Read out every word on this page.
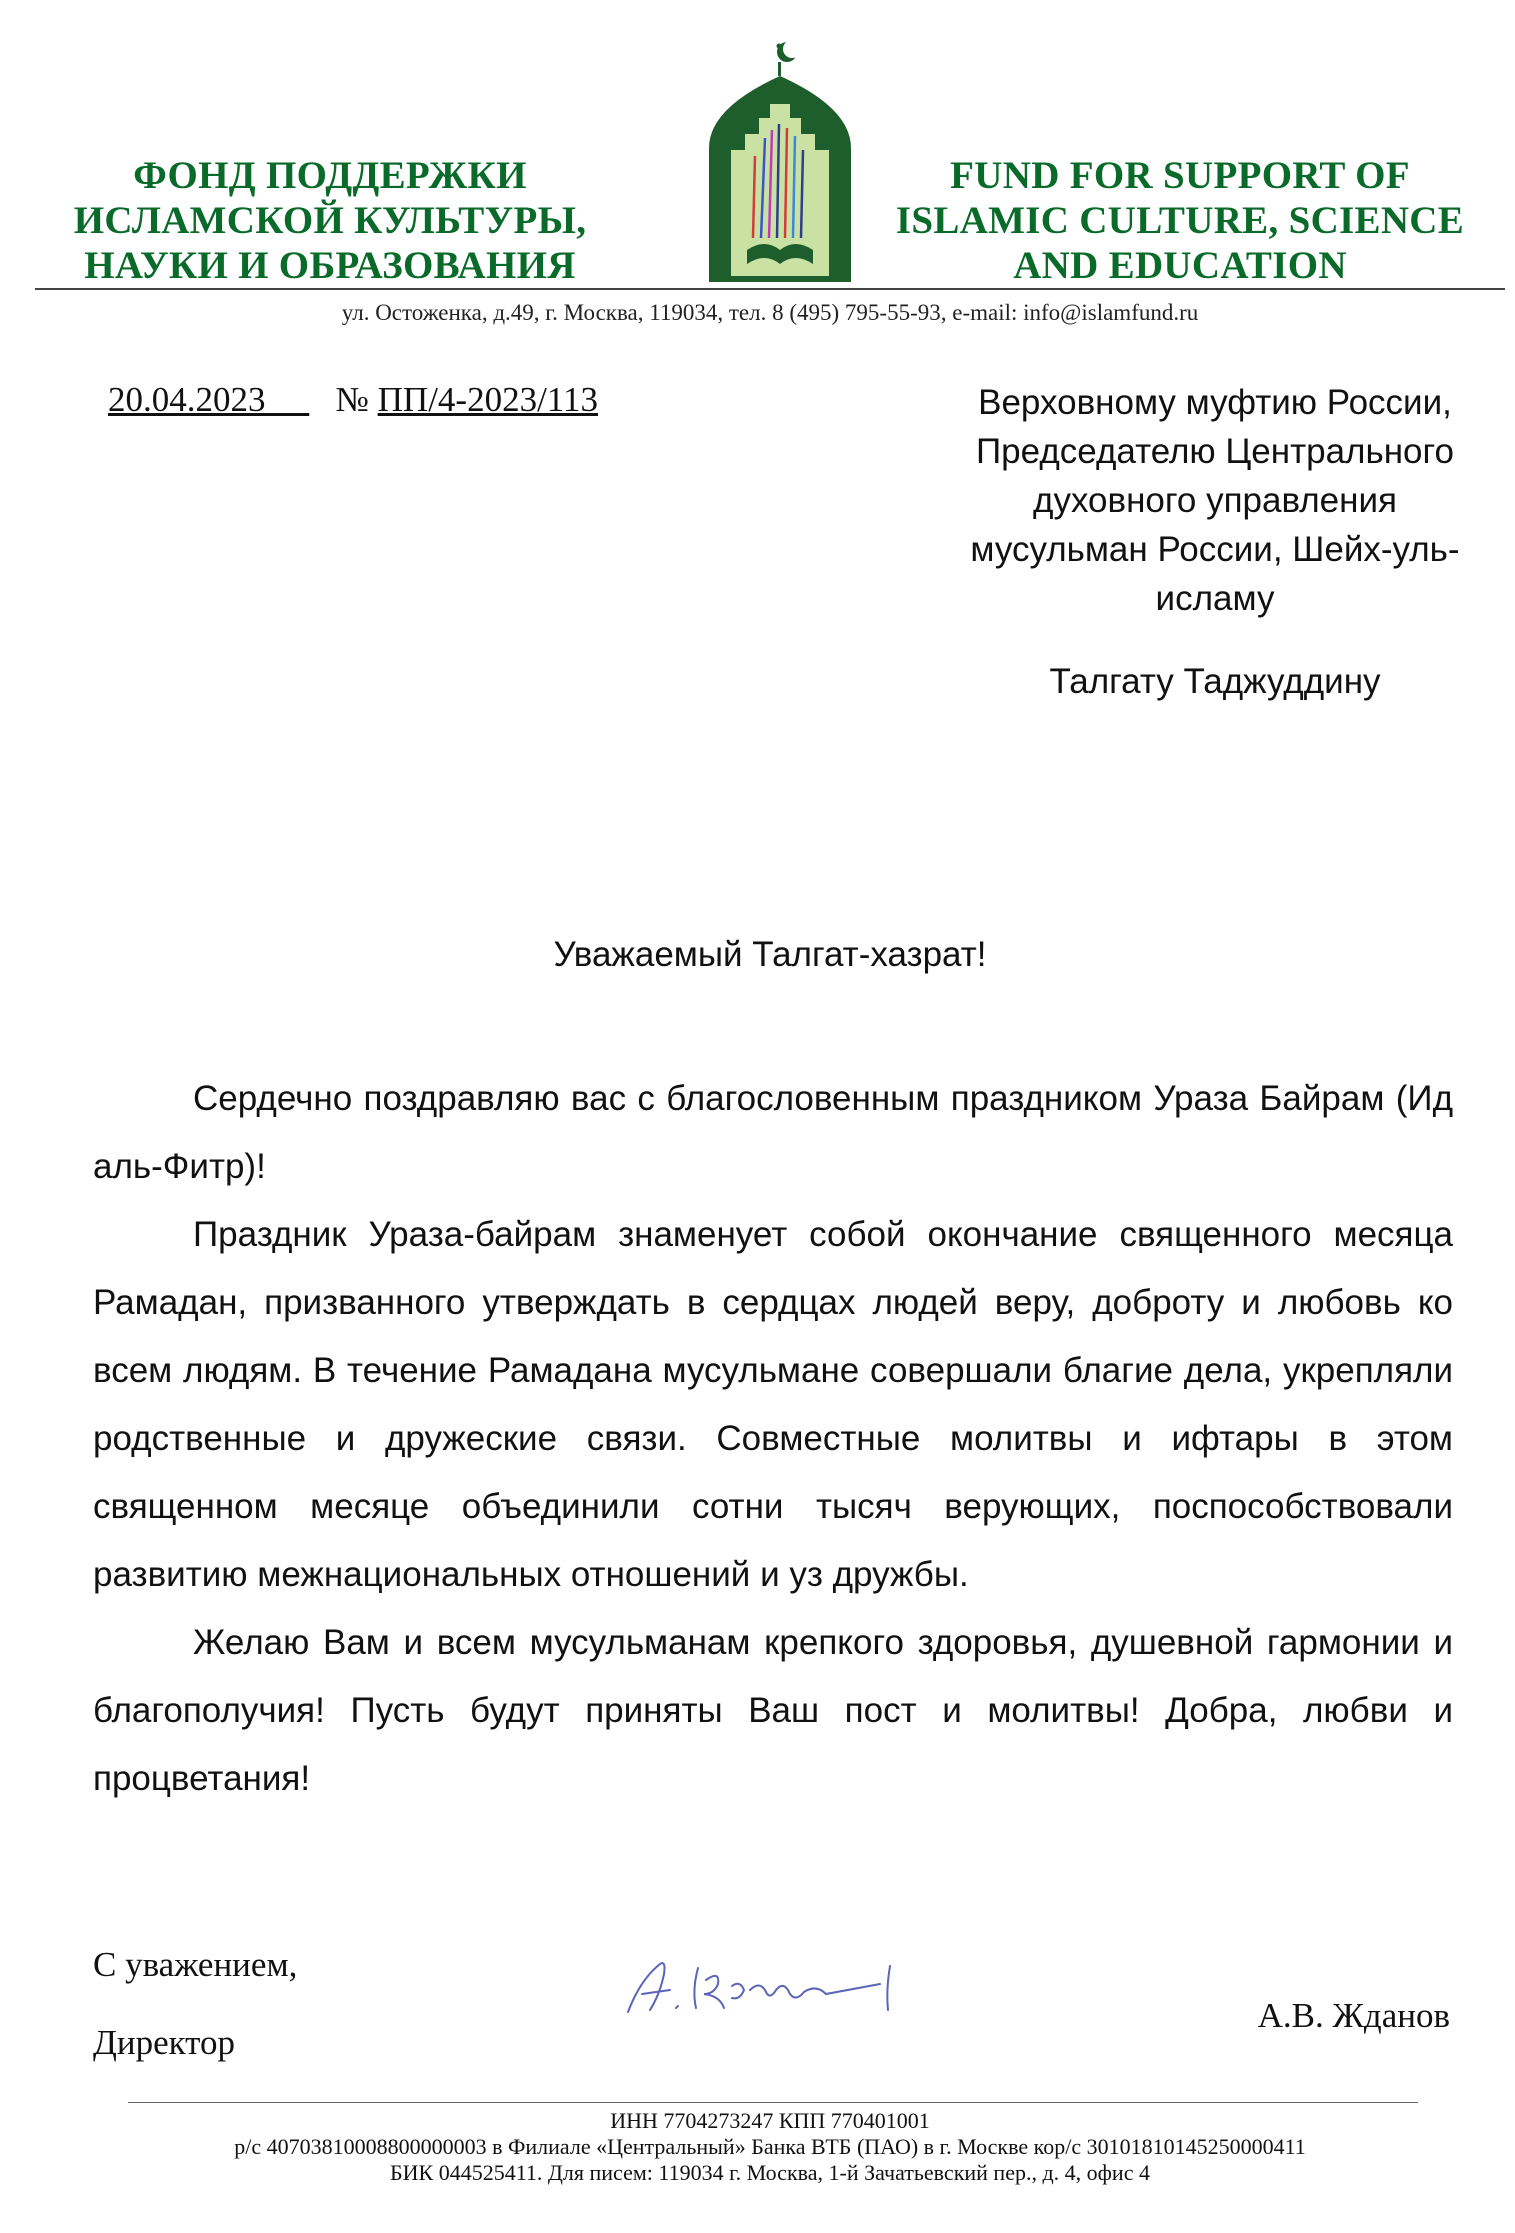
ФОНД ПОДДЕРЖКИ
ИСЛАМСКОЙ КУЛЬТУРЫ,
НАУКИ И ОБРАЗОВАНИЯ
FUND FOR SUPPORT OF
ISLAMIC CULTURE, SCIENCE
AND EDUCATION
ул. Остоженка, д.49, г. Москва, 119034, тел. 8 (495) 795-55-93, e-mail: info@islamfund.ru
20.04.2023 № ПП/4-2023/113	Верховному муфтию России,
Председателю Центрального
духовного управления
мусульман России, Шейх-уль-
исламу
Талгату Таджуддину
Уважаемый Талгат-хазрат!

Сердечно поздравляю вас с благословенным праздником Ураза Байрам (Ид аль-Фитр)!

Праздник Ураза-байрам знаменует собой окончание священного месяца Рамадан, призванного утверждать в сердцах людей веру, доброту и любовь ко всем людям. В течение Рамадана мусульмане совершали благие дела, укрепляли родственные и дружеские связи. Совместные молитвы и ифтары в этом священном месяце объединили сотни тысяч верующих, поспособствовали развитию межнациональных отношений и уз дружбы.

Желаю Вам и всем мусульманам крепкого здоровья, душевной гармонии и благополучия! Пусть будут приняты Ваш пост и молитвы! Добра, любви и процветания!

С уважением,
Директор
А.В. Жданов
ИНН 7704273247 КПП 770401001
р/с 40703810008800000003 в Филиале «Центральный» Банка ВТБ (ПАО) в г. Москве кор/с 30101810145250000411
БИК 044525411. Для писем: 119034 г. Москва, 1-й Зачатьевский пер., д. 4, офис 4
